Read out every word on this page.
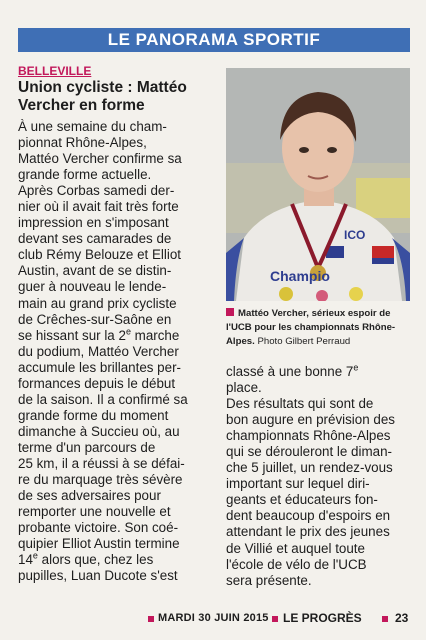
LE PANORAMA SPORTIF
BELLEVILLE
Union cycliste : Mattéo Vercher en forme

À une semaine du cham-
pionnat Rhône-Alpes,
Mattéo Vercher confirme sa
grande forme actuelle.
Après Corbas samedi der-
nier où il avait fait très forte
impression en s'imposant
devant ses camarades de
club Rémy Belouze et Elliot
Austin, avant de se distin-
guer à nouveau le lende-
main au grand prix cycliste
de Crêches-sur-Saône en
se hissant sur la 2e marche
du podium, Mattéo Vercher
accumule les brillantes per-
formances depuis le début
de la saison. Il a confirmé sa
grande forme du moment
dimanche à Succieu où, au
terme d'un parcours de
25 km, il a réussi à se défai-
re du marquage très sévère
de ses adversaires pour
remporter une nouvelle et
probante victoire. Son coé-
quipier Elliot Austin termine
14e alors que, chez les
pupilles, Luan Ducote s'est

Champio
ICO
Mattéo Vercher, sérieux espoir de l'UCB pour les championnats Rhône-Alpes. Photo Gilbert Perraud

classé à une bonne 7e
place.
Des résultats qui sont de
bon augure en prévision des
championnats Rhône-Alpes
qui se dérouleront le diman-
che 5 juillet, un rendez-vous
important sur lequel diri-
geants et éducateurs fon-
dent beaucoup d'espoirs en
attendant le prix des jeunes
de Villié et auquel toute
l'école de vélo de l'UCB
sera présente.

MARDI 30 JUIN 2015 LE PROGRÈS	23
